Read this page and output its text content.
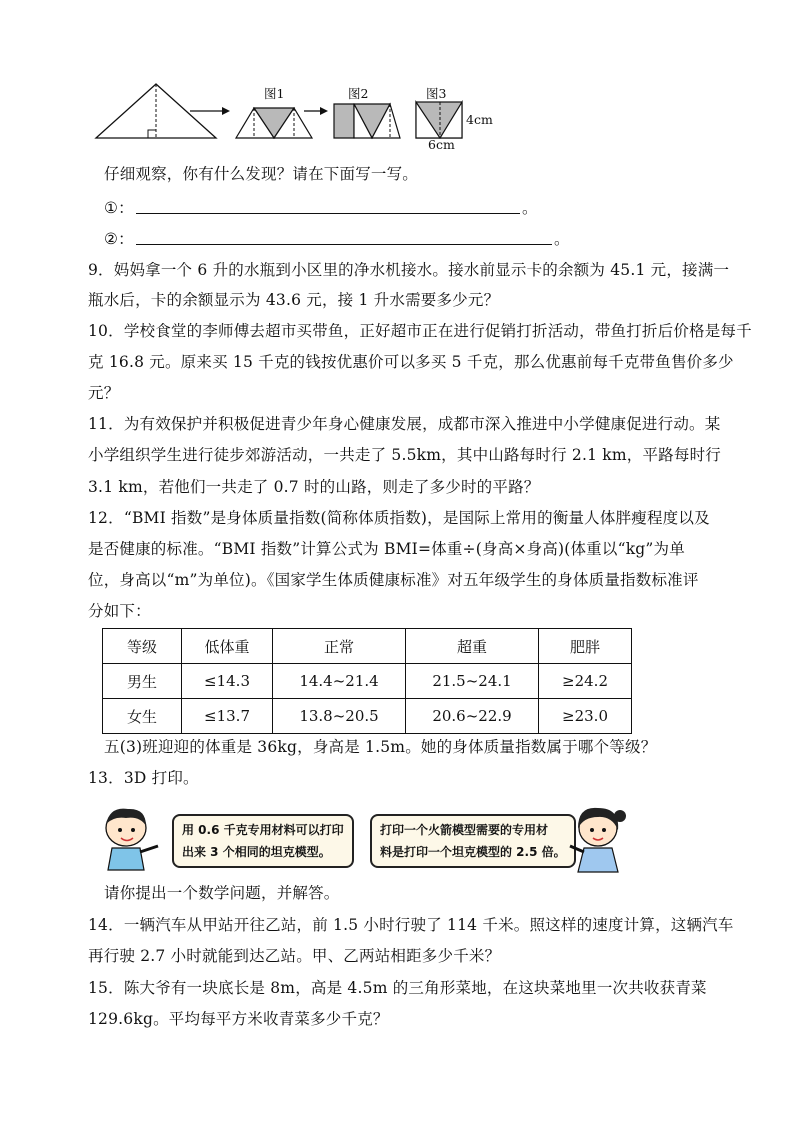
图1	图2	图3
4cm
6cm
仔细观察，你有什么发现？请在下面写一写。
①：	。
②：	。
9．妈妈拿一个 6 升的水瓶到小区里的净水机接水。接水前显示卡的余额为 45.1 元，接满一
瓶水后，卡的余额显示为 43.6 元，接 1 升水需要多少元？
10．学校食堂的李师傅去超市买带鱼，正好超市正在进行促销打折活动，带鱼打折后价格是每千
克 16.8 元。原来买 15 千克的钱按优惠价可以多买 5 千克，那么优惠前每千克带鱼售价多少
元？
11．为有效保护并积极促进青少年身心健康发展，成都市深入推进中小学健康促进行动。某
小学组织学生进行徒步郊游活动，一共走了 5.5km，其中山路每时行 2.1 km，平路每时行
3.1 km，若他们一共走了 0.7 时的山路，则走了多少时的平路？
12．“BMI 指数”是身体质量指数(简称体质指数)，是国际上常用的衡量人体胖瘦程度以及
是否健康的标准。“BMI 指数”计算公式为 BMI=体重÷(身高×身高)(体重以“kg”为单
位，身高以“m”为单位)。《国家学生体质健康标准》对五年级学生的身体质量指数标准评
分如下：
等级	低体重	正常	超重	肥胖
男生	≤14.3	14.4~21.4	21.5~24.1	≥24.2
女生	≤13.7	13.8~20.5	20.6~22.9	≥23.0
五(3)班迎迎的体重是 36kg，身高是 1.5m。她的身体质量指数属于哪个等级？
13．3D 打印。
用 0.6 千克专用材料可以打印
出来 3 个相同的坦克模型。
打印一个火箭模型需要的专用材
料是打印一个坦克模型的 2.5 倍。
请你提出一个数学问题，并解答。
14．一辆汽车从甲站开往乙站，前 1.5 小时行驶了 114 千米。照这样的速度计算，这辆汽车
再行驶 2.7 小时就能到达乙站。甲、乙两站相距多少千米？
15．陈大爷有一块底长是 8m，高是 4.5m 的三角形菜地，在这块菜地里一次共收获青菜
129.6kg。平均每平方米收青菜多少千克？
